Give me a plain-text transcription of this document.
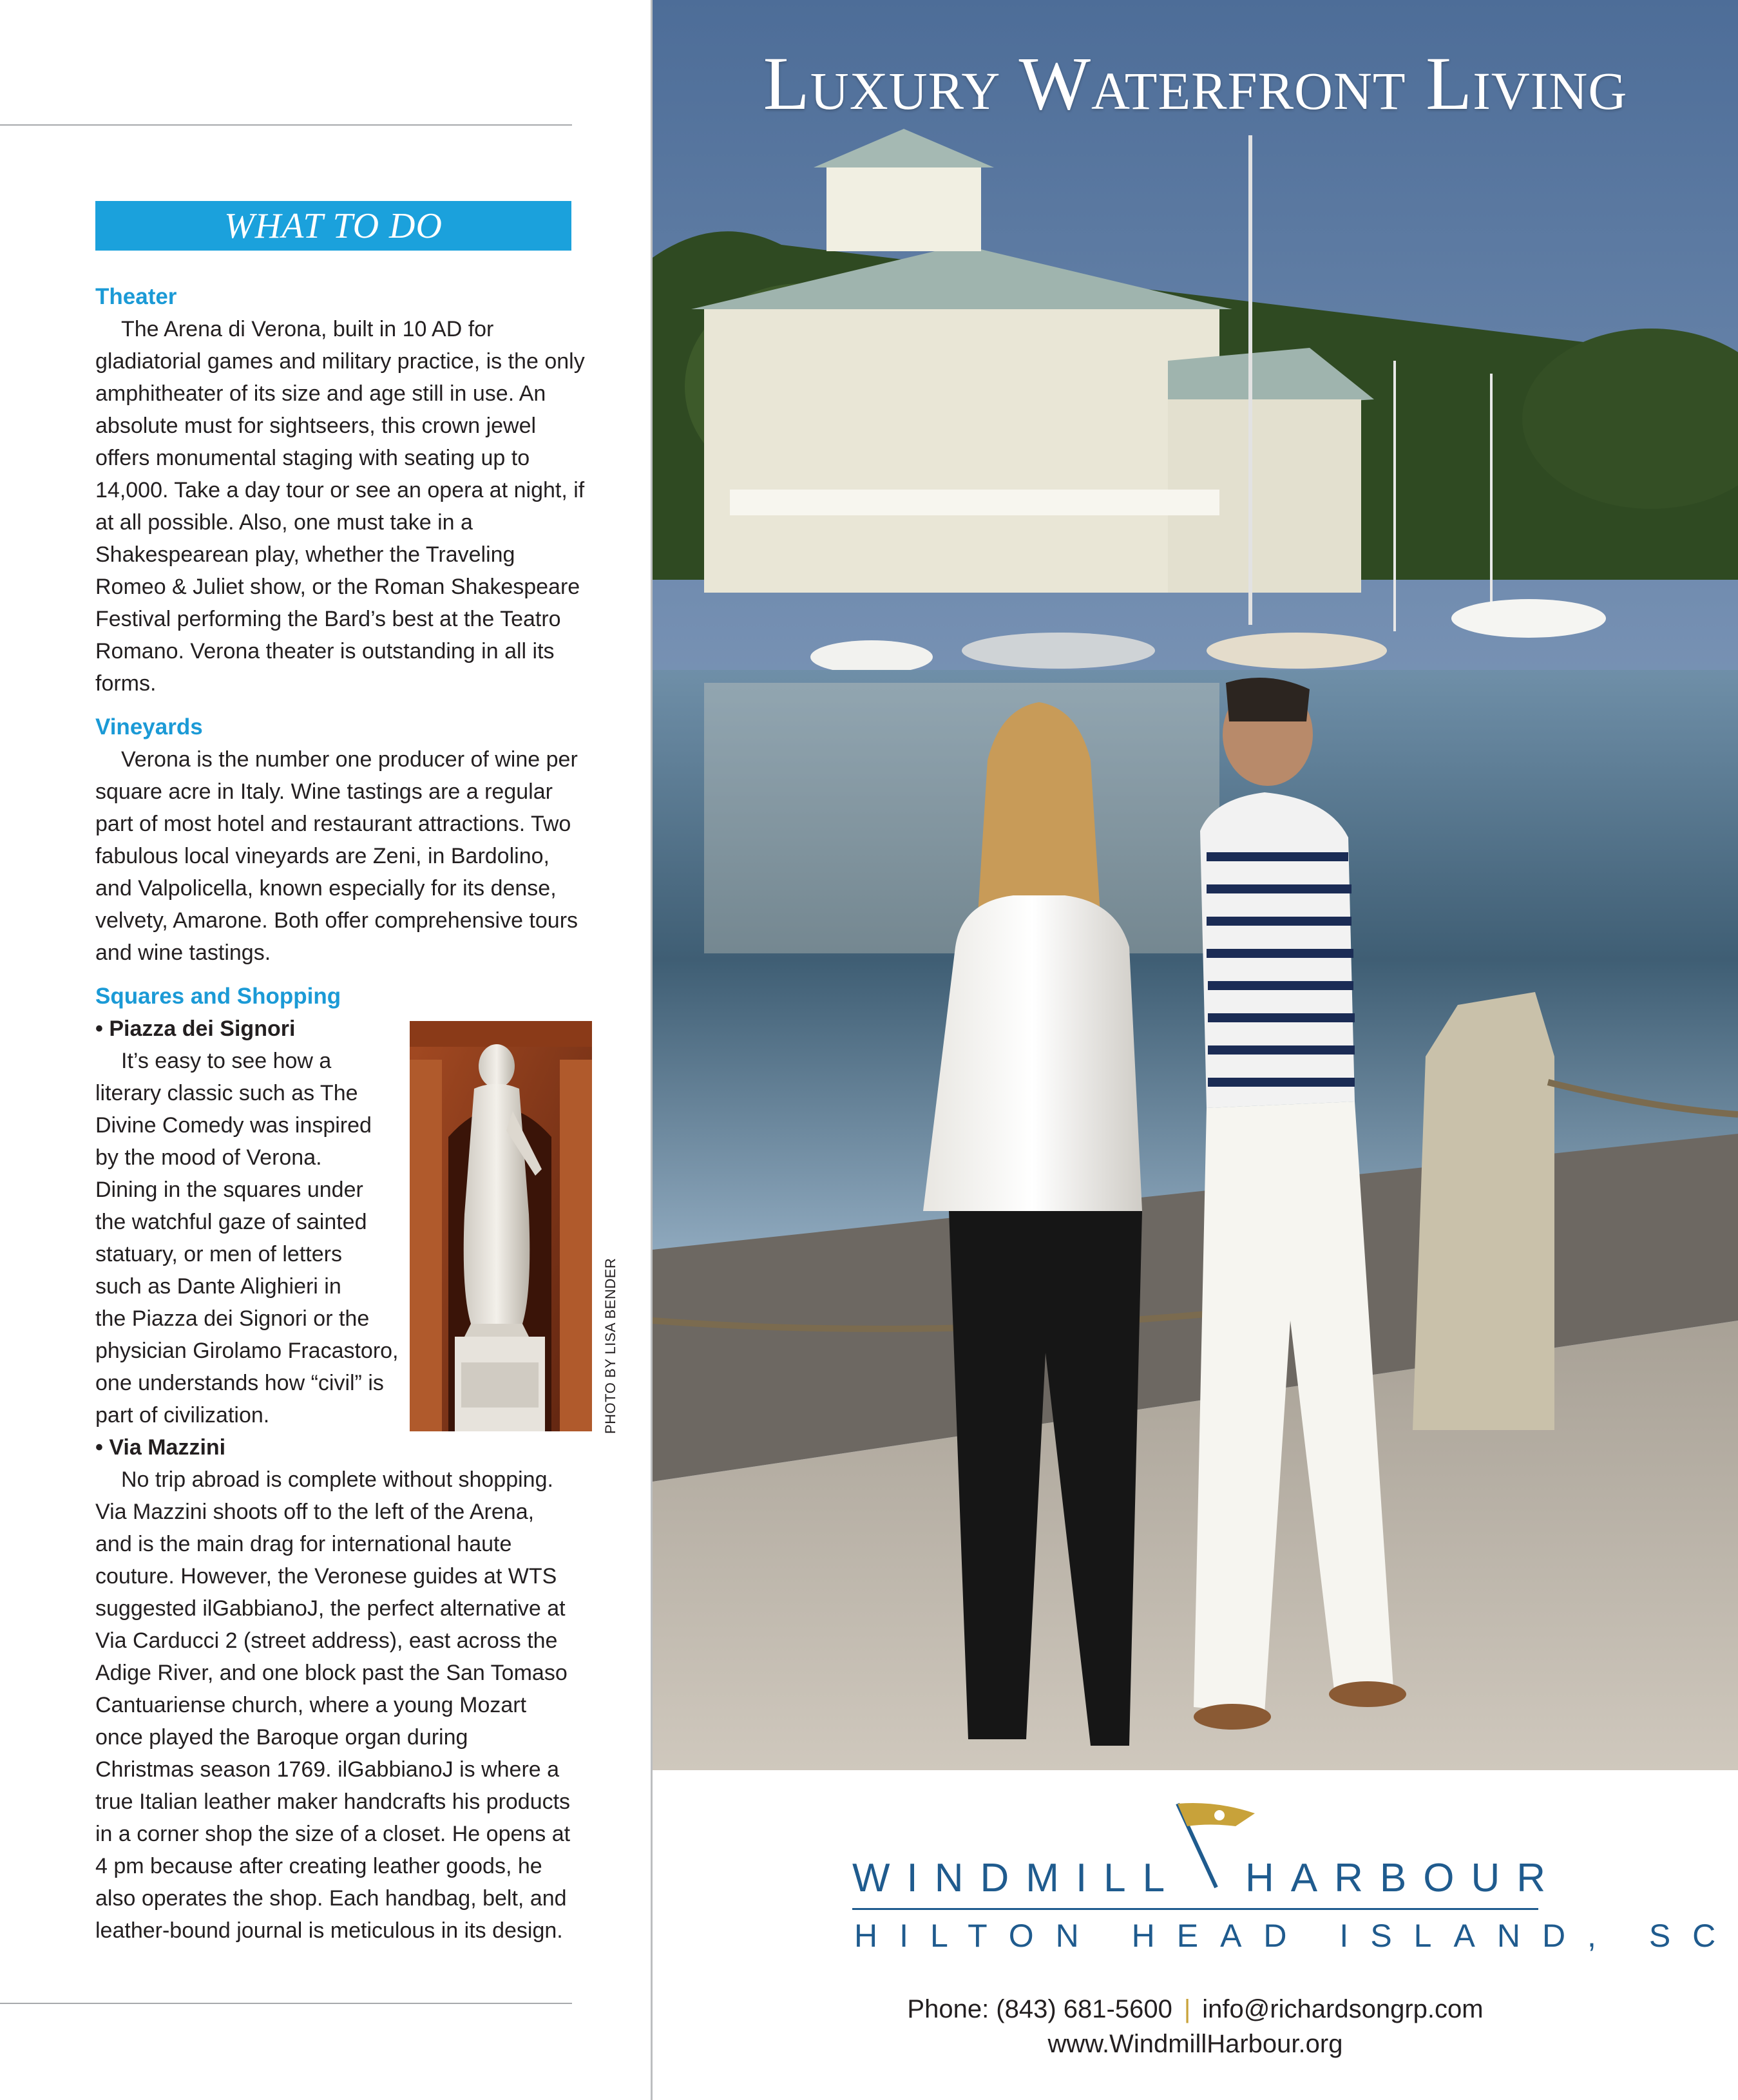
WHAT TO DO

Theater

The Arena di Verona, built in 10 AD for gladiatorial games and military practice, is the only amphitheater of its size and age still in use. An absolute must for sightseers, this crown jewel offers monumental staging with seating up to 14,000. Take a day tour or see an opera at night, if at all possible. Also, one must take in a Shakespearean play, whether the Traveling Romeo & Juliet show, or the Roman Shakespeare Festival performing the Bard’s best at the Teatro Romano. Verona theater is outstanding in all its forms.

Vineyards

Verona is the number one producer of wine per square acre in Italy. Wine tastings are a regular part of most hotel and restaurant attractions. Two fabulous local vineyards are Zeni, in Bardolino, and Valpolicella, known especially for its dense, velvety, Amarone. Both offer comprehensive tours and wine tastings.

Squares and Shopping

• Piazza dei Signori

It’s easy to see how a

literary classic such as The

Divine Comedy was inspired

by the mood of Verona.

Dining in the squares under

the watchful gaze of sainted

statuary, or men of letters

such as Dante Alighieri in

the Piazza dei Signori or the

physician Girolamo Fracastoro,

one understands how “civil” is

part of civilization.

• Via Mazzini

No trip abroad is complete without shopping. Via Mazzini shoots off to the left of the Arena, and is the main drag for international haute couture. However, the Veronese guides at WTS suggested ilGabbianoJ, the perfect alternative at Via Carducci 2 (street address), east across the Adige River, and one block past the San Tomaso Cantuariense church, where a young Mozart once played the Baroque organ during Christmas season 1769. ilGabbianoJ is where a true Italian leather maker handcrafts his products in a corner shop the size of a closet. He opens at 4 pm because after creating leather goods, he also operates the shop. Each handbag, belt, and leather-bound journal is meticulous in its design.

PHOTO BY LISA BENDER
Luxury Waterfront Living
WINDMILL HARBOUR
HILTON HEAD ISLAND, SC
Phone: (843) 681-5600 | info@richardsongrp.com
www.WindmillHarbour.org
